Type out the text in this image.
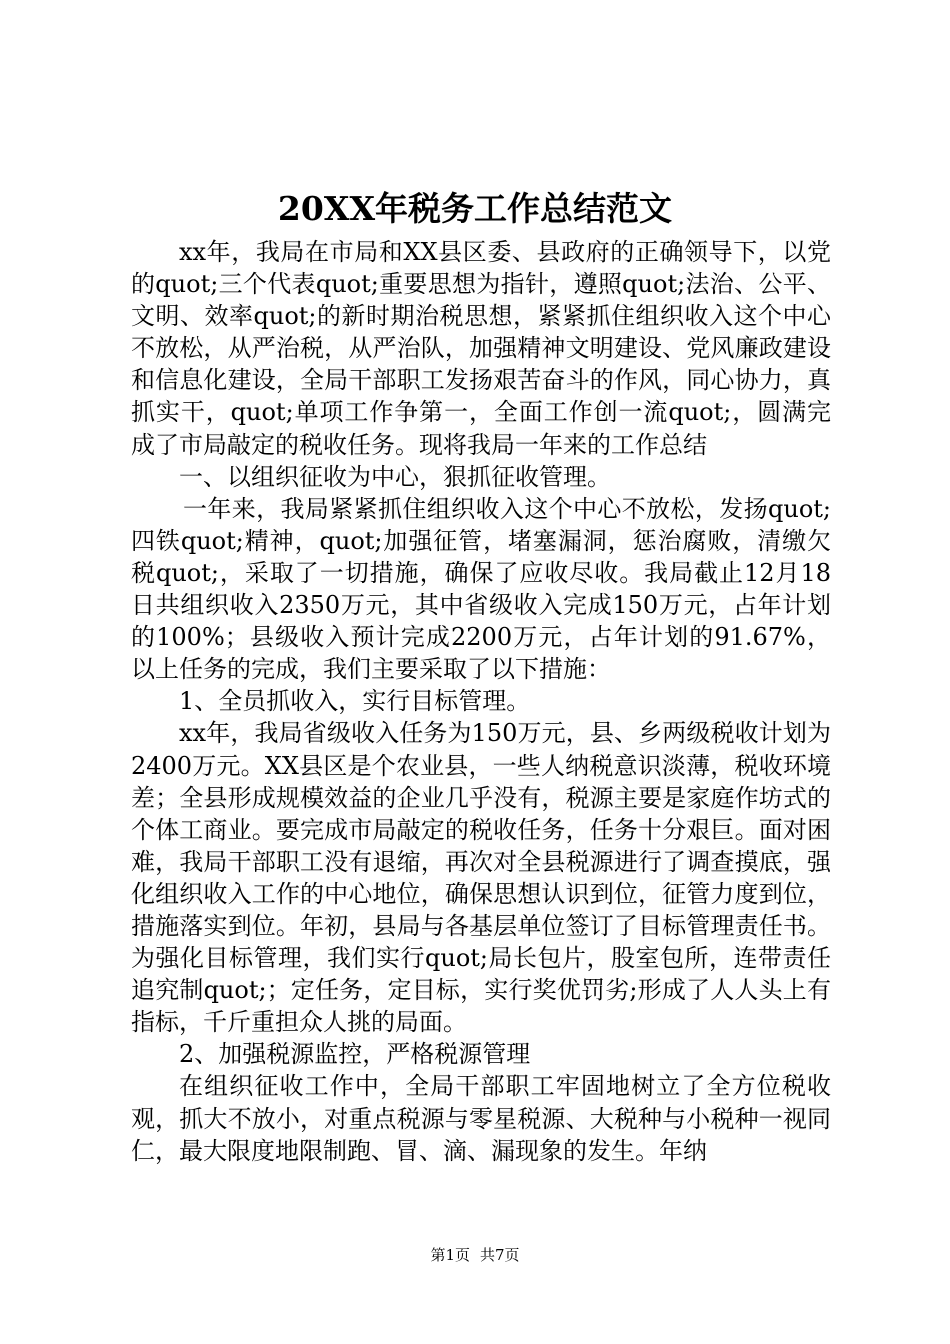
20XX年税务工作总结范文

xx年，我局在市局和XX县区委、县政府的正确领导下，以党的quot;三个代表quot;重要思想为指针，遵照quot;法治、公平、文明、效率quot;的新时期治税思想，紧紧抓住组织收入这个中心不放松，从严治税，从严治队，加强精神文明建设、党风廉政建设和信息化建设，全局干部职工发扬艰苦奋斗的作风，同心协力，真抓实干，quot;单项工作争第一，全面工作创一流quot;，圆满完成了市局敲定的税收任务。现将我局一年来的工作总结

一、以组织征收为中心，狠抓征收管理。

一年来，我局紧紧抓住组织收入这个中心不放松，发扬quot;四铁quot;精神，quot;加强征管，堵塞漏洞，惩治腐败，清缴欠税quot;，采取了一切措施，确保了应收尽收。我局截止12月18日共组织收入2350万元，其中省级收入完成150万元，占年计划的100%；县级收入预计完成2200万元，占年计划的91.67%，以上任务的完成，我们主要采取了以下措施：

1、全员抓收入，实行目标管理。

xx年，我局省级收入任务为150万元，县、乡两级税收计划为2400万元。XX县区是个农业县，一些人纳税意识淡薄，税收环境差；全县形成规模效益的企业几乎没有，税源主要是家庭作坊式的个体工商业。要完成市局敲定的税收任务，任务十分艰巨。面对困难，我局干部职工没有退缩，再次对全县税源进行了调查摸底，强化组织收入工作的中心地位，确保思想认识到位，征管力度到位，措施落实到位。年初，县局与各基层单位签订了目标管理责任书。为强化目标管理，我们实行quot;局长包片，股室包所，连带责任追究制quot;；定任务，定目标，实行奖优罚劣;形成了人人头上有指标，千斤重担众人挑的局面。

2、加强税源监控，严格税源管理

在组织征收工作中，全局干部职工牢固地树立了全方位税收观，抓大不放小，对重点税源与零星税源、大税种与小税种一视同仁，最大限度地限制跑、冒、滴、漏现象的发生。年纳

第1页 共7页
